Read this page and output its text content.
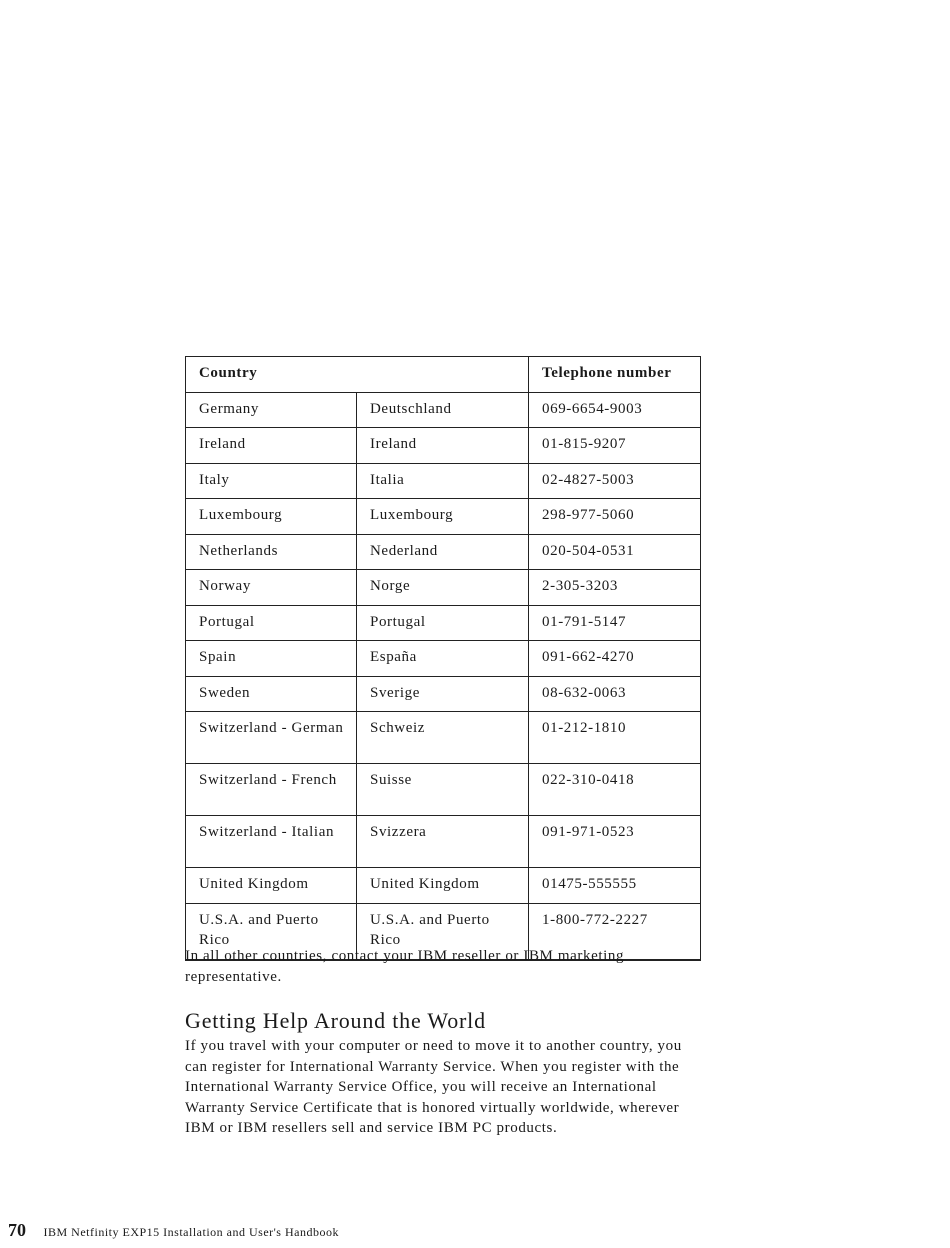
Country		Telephone number
Germany	Deutschland	069-6654-9003
Ireland	Ireland	01-815-9207
Italy	Italia	02-4827-5003
Luxembourg	Luxembourg	298-977-5060
Netherlands	Nederland	020-504-0531
Norway	Norge	2-305-3203
Portugal	Portugal	01-791-5147
Spain	España	091-662-4270
Sweden	Sverige	08-632-0063
Switzerland - German	Schweiz	01-212-1810
Switzerland - French	Suisse	022-310-0418
Switzerland - Italian	Svizzera	091-971-0523
United Kingdom	United Kingdom	01475-555555
U.S.A. and Puerto Rico	U.S.A. and Puerto Rico	1-800-772-2227

In all other countries, contact your IBM reseller or IBM marketing representative.

Getting Help Around the World

If you travel with your computer or need to move it to another country, you can register for International Warranty Service. When you register with the International Warranty Service Office, you will receive an International Warranty Service Certificate that is honored virtually worldwide, wherever IBM or IBM resellers sell and service IBM PC products.

70 IBM Netfinity EXP15 Installation and User's Handbook
